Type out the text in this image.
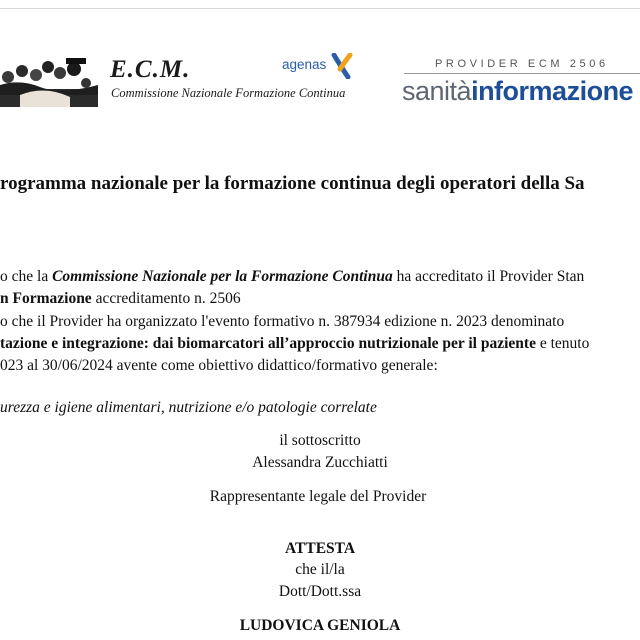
E.C.M.
Commissione Nazionale Formazione Continua
agenas	PROVIDER ECM 2506
sanitàinformazione
rogramma nazionale per la formazione continua degli operatori della Sa
o che la Commissione Nazionale per la Formazione Continua ha accreditato il Provider Stan
n Formazione accreditamento n. 2506
o che il Provider ha organizzato l'evento formativo n. 387934 edizione n. 2023 denominato
tazione e integrazione: dai biomarcatori all’approccio nutrizionale per il paziente e tenuto
023 al 30/06/2024 avente come obiettivo didattico/formativo generale:
urezza e igiene alimentari, nutrizione e/o patologie correlate
il sottoscritto
Alessandra Zucchiatti
Rappresentante legale del Provider
ATTESTA
che il/la
Dott/Dott.ssa
LUDOVICA GENIOLA
